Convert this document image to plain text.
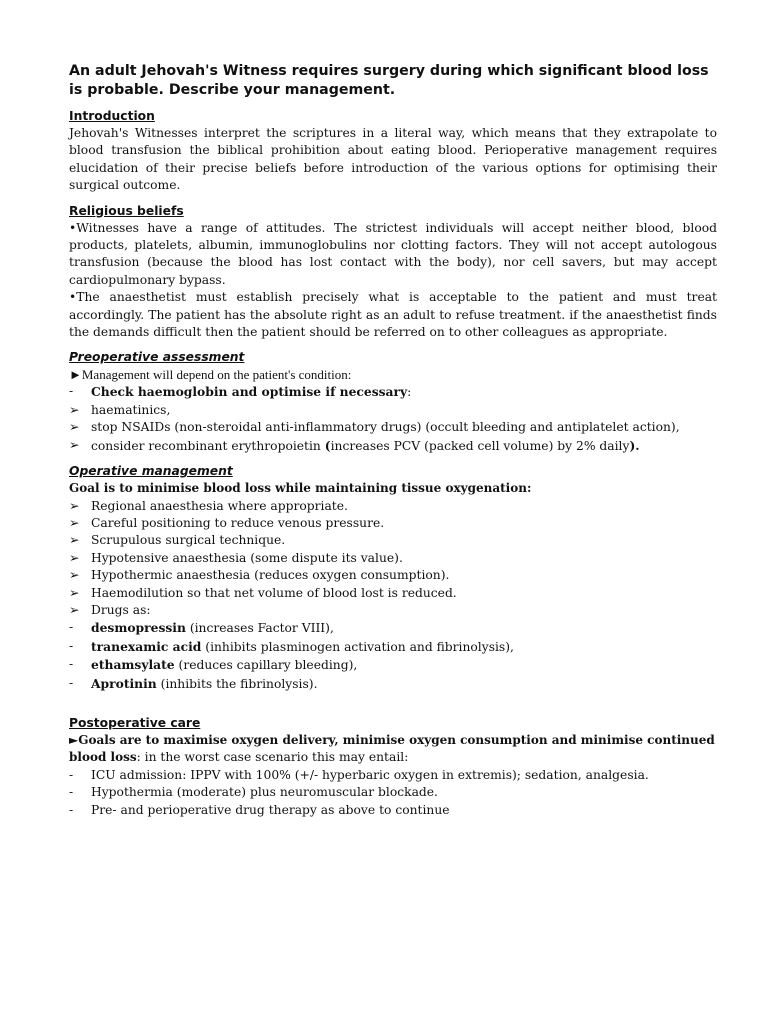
An adult Jehovah's Witness requires surgery during which significant blood loss is probable. Describe your management.

Introduction

Jehovah's Witnesses interpret the scriptures in a literal way, which means that they extrapolate to blood transfusion the biblical prohibition about eating blood. Perioperative management requires elucidation of their precise beliefs before introduction of the various options for optimising their surgical outcome.

Religious beliefs

•Witnesses have a range of attitudes. The strictest individuals will accept neither blood, blood products, platelets, albumin, immunoglobulins nor clotting factors. They will not accept autologous transfusion (because the blood has lost contact with the body), nor cell savers, but may accept cardiopulmonary bypass.

•The anaesthetist must establish precisely what is acceptable to the patient and must treat accordingly. The patient has the absolute right as an adult to refuse treatment. if the anaesthetist finds the demands difficult then the patient should be referred on to other colleagues as appropriate.

Preoperative assessment

►Management will depend on the patient's condition:

-	Check haemoglobin and optimise if necessary:
➢ haematinics,
➢ stop NSAIDs (non-steroidal anti-inflammatory drugs) (occult bleeding and antiplatelet action),
➢ consider recombinant erythropoietin (increases PCV (packed cell volume) by 2% daily).
Operative management

Goal is to minimise blood loss while maintaining tissue oxygenation:

➢ Regional anaesthesia where appropriate.
➢ Careful positioning to reduce venous pressure.
➢ Scrupulous surgical technique.
➢ Hypotensive anaesthesia (some dispute its value).
➢ Hypothermic anaesthesia (reduces oxygen consumption).
➢ Haemodilution so that net volume of blood lost is reduced.
➢ Drugs as:
-	desmopressin (increases Factor VIII),
-	tranexamic acid (inhibits plasminogen activation and fibrinolysis),
-	ethamsylate (reduces capillary bleeding),
-	Aprotinin (inhibits the fibrinolysis).
Postoperative care

►Goals are to maximise oxygen delivery, minimise oxygen consumption and minimise continued blood loss: in the worst case scenario this may entail:

-	ICU admission: IPPV with 100% (+/- hyperbaric oxygen in extremis); sedation, analgesia.
-	Hypothermia (moderate) plus neuromuscular blockade.
-	Pre- and perioperative drug therapy as above to continue
